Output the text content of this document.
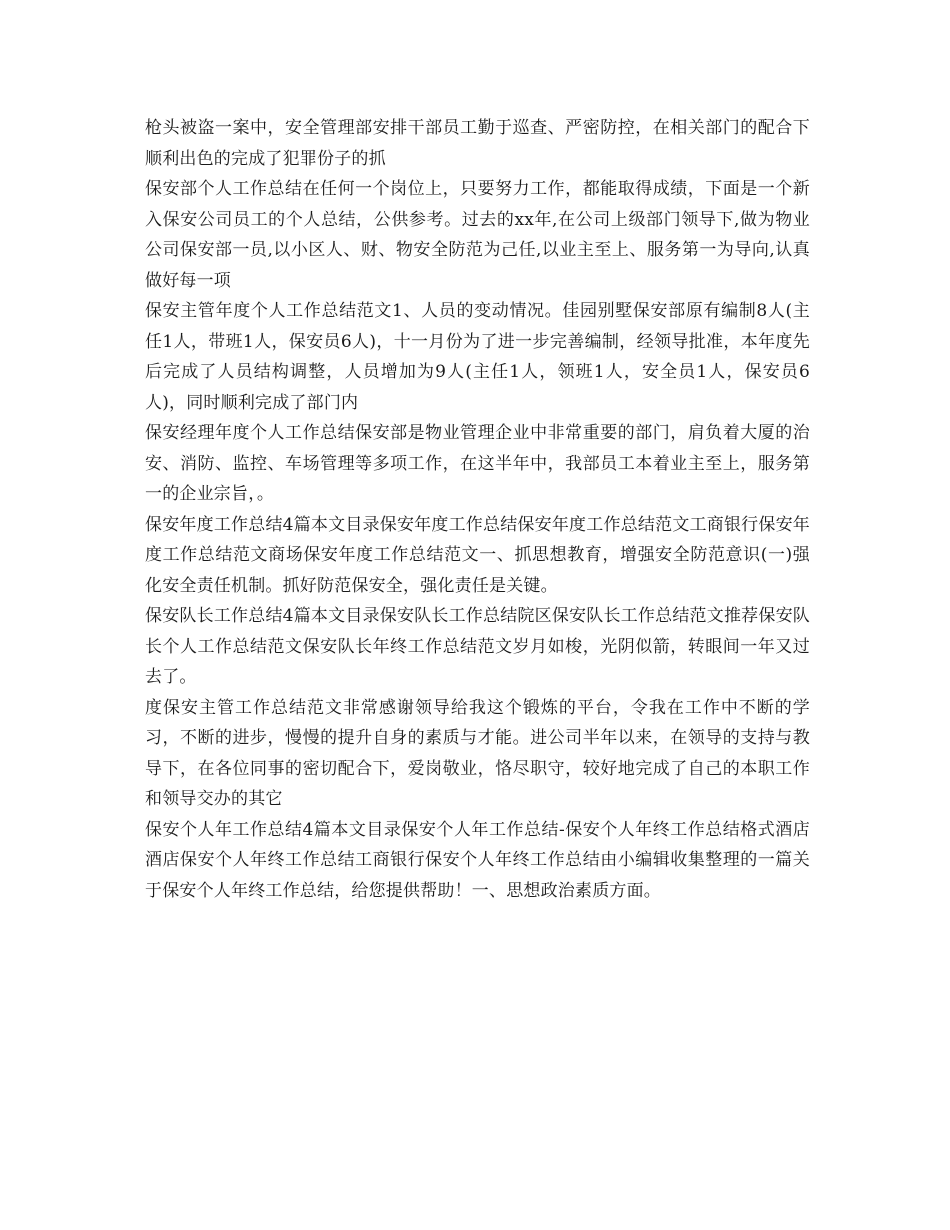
枪头被盗一案中，安全管理部安排干部员工勤于巡查、严密防控，在相关部门的配合下顺利出色的完成了犯罪份子的抓

保安部个人工作总结在任何一个岗位上，只要努力工作，都能取得成绩，下面是一个新入保安公司员工的个人总结，公供参考。过去的xx年,在公司上级部门领导下,做为物业公司保安部一员,以小区人、财、物安全防范为己任,以业主至上、服务第一为导向,认真做好每一项

保安主管年度个人工作总结范文1、人员的变动情况。佳园别墅保安部原有编制8人(主任1人，带班1人，保安员6人)，十一月份为了进一步完善编制，经领导批准，本年度先后完成了人员结构调整，人员增加为9人(主任1人，领班1人，安全员1人，保安员6人)，同时顺利完成了部门内

保安经理年度个人工作总结保安部是物业管理企业中非常重要的部门，肩负着大厦的治安、消防、监控、车场管理等多项工作，在这半年中，我部员工本着业主至上，服务第一的企业宗旨，。

保安年度工作总结4篇本文目录保安年度工作总结保安年度工作总结范文工商银行保安年度工作总结范文商场保安年度工作总结范文一、抓思想教育，增强安全防范意识(一)强化安全责任机制。抓好防范保安全，强化责任是关键。

保安队长工作总结4篇本文目录保安队长工作总结院区保安队长工作总结范文推荐保安队长个人工作总结范文保安队长年终工作总结范文岁月如梭，光阴似箭，转眼间一年又过去了。

度保安主管工作总结范文非常感谢领导给我这个锻炼的平台，令我在工作中不断的学习，不断的进步，慢慢的提升自身的素质与才能。进公司半年以来，在领导的支持与教导下，在各位同事的密切配合下，爱岗敬业，恪尽职守，较好地完成了自己的本职工作和领导交办的其它

保安个人年工作总结4篇本文目录保安个人年工作总结-保安个人年终工作总结格式酒店酒店保安个人年终工作总结工商银行保安个人年终工作总结由小编辑收集整理的一篇关于保安个人年终工作总结，给您提供帮助！一、思想政治素质方面。
